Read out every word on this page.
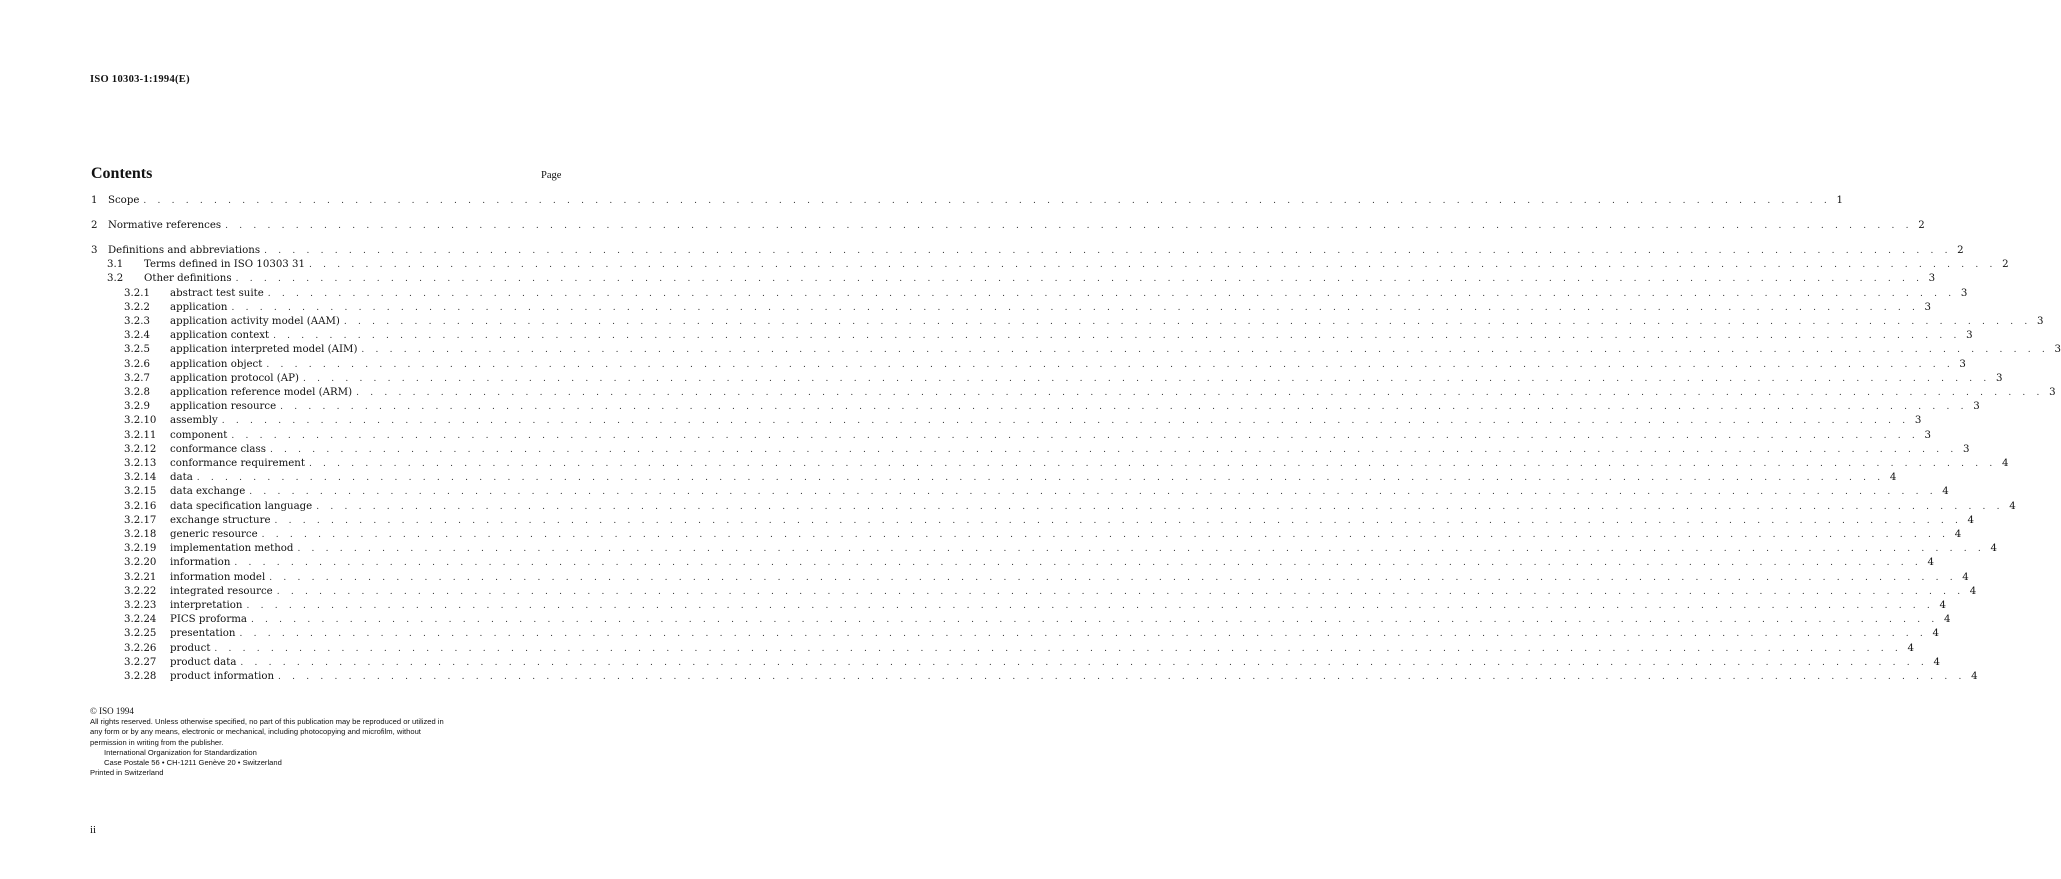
ISO 10303-1:1994(E)
Contents	Page
1	Scope . . . . . . . . . . . . . . . . . . . . . . . . . . . . . . . . . . . . . . . . . . . . . . . . . . . . . . . . . . . . . . . . . . . . . . . . . . . . . . . . . . . . . . . . . . . . . . . . . . . . . . . . . . . . . . . . . . . . . . . . 1
2	Normative references . . . . . . . . . . . . . . . . . . . . . . . . . . . . . . . . . . . . . . . . . . . . . . . . . . . . . . . . . . . . . . . . . . . . . . . . . . . . . . . . . . . . . . . . . . . . . . . . . . . . . . . . . . . . . . . . . . . . . . . . 2
3	Definitions and abbreviations . . . . . . . . . . . . . . . . . . . . . . . . . . . . . . . . . . . . . . . . . . . . . . . . . . . . . . . . . . . . . . . . . . . . . . . . . . . . . . . . . . . . . . . . . . . . . . . . . . . . . . . . . . . . . . . . . . . . . . . . 2
3.1	Terms defined in ISO 10303 31 . . . . . . . . . . . . . . . . . . . . . . . . . . . . . . . . . . . . . . . . . . . . . . . . . . . . . . . . . . . . . . . . . . . . . . . . . . . . . . . . . . . . . . . . . . . . . . . . . . . . . . . . . . . . . . . . . . . . . . . . 2
3.2	Other definitions . . . . . . . . . . . . . . . . . . . . . . . . . . . . . . . . . . . . . . . . . . . . . . . . . . . . . . . . . . . . . . . . . . . . . . . . . . . . . . . . . . . . . . . . . . . . . . . . . . . . . . . . . . . . . . . . . . . . . . . . 3
3.2.1	abstract test suite . . . . . . . . . . . . . . . . . . . . . . . . . . . . . . . . . . . . . . . . . . . . . . . . . . . . . . . . . . . . . . . . . . . . . . . . . . . . . . . . . . . . . . . . . . . . . . . . . . . . . . . . . . . . . . . . . . . . . . . . 3
3.2.2	application . . . . . . . . . . . . . . . . . . . . . . . . . . . . . . . . . . . . . . . . . . . . . . . . . . . . . . . . . . . . . . . . . . . . . . . . . . . . . . . . . . . . . . . . . . . . . . . . . . . . . . . . . . . . . . . . . . . . . . . . 3
3.2.3	application activity model (AAM) . . . . . . . . . . . . . . . . . . . . . . . . . . . . . . . . . . . . . . . . . . . . . . . . . . . . . . . . . . . . . . . . . . . . . . . . . . . . . . . . . . . . . . . . . . . . . . . . . . . . . . . . . . . . . . . . . . . . . . . . 3
3.2.4	application context . . . . . . . . . . . . . . . . . . . . . . . . . . . . . . . . . . . . . . . . . . . . . . . . . . . . . . . . . . . . . . . . . . . . . . . . . . . . . . . . . . . . . . . . . . . . . . . . . . . . . . . . . . . . . . . . . . . . . . . . 3
3.2.5	application interpreted model (AIM) . . . . . . . . . . . . . . . . . . . . . . . . . . . . . . . . . . . . . . . . . . . . . . . . . . . . . . . . . . . . . . . . . . . . . . . . . . . . . . . . . . . . . . . . . . . . . . . . . . . . . . . . . . . . . . . . . . . . . . . . 3
3.2.6	application object . . . . . . . . . . . . . . . . . . . . . . . . . . . . . . . . . . . . . . . . . . . . . . . . . . . . . . . . . . . . . . . . . . . . . . . . . . . . . . . . . . . . . . . . . . . . . . . . . . . . . . . . . . . . . . . . . . . . . . . . 3
3.2.7	application protocol (AP) . . . . . . . . . . . . . . . . . . . . . . . . . . . . . . . . . . . . . . . . . . . . . . . . . . . . . . . . . . . . . . . . . . . . . . . . . . . . . . . . . . . . . . . . . . . . . . . . . . . . . . . . . . . . . . . . . . . . . . . . 3
3.2.8	application reference model (ARM) . . . . . . . . . . . . . . . . . . . . . . . . . . . . . . . . . . . . . . . . . . . . . . . . . . . . . . . . . . . . . . . . . . . . . . . . . . . . . . . . . . . . . . . . . . . . . . . . . . . . . . . . . . . . . . . . . . . . . . . . 3
3.2.9	application resource . . . . . . . . . . . . . . . . . . . . . . . . . . . . . . . . . . . . . . . . . . . . . . . . . . . . . . . . . . . . . . . . . . . . . . . . . . . . . . . . . . . . . . . . . . . . . . . . . . . . . . . . . . . . . . . . . . . . . . . . 3
3.2.10	assembly . . . . . . . . . . . . . . . . . . . . . . . . . . . . . . . . . . . . . . . . . . . . . . . . . . . . . . . . . . . . . . . . . . . . . . . . . . . . . . . . . . . . . . . . . . . . . . . . . . . . . . . . . . . . . . . . . . . . . . . . 3
3.2.11	component . . . . . . . . . . . . . . . . . . . . . . . . . . . . . . . . . . . . . . . . . . . . . . . . . . . . . . . . . . . . . . . . . . . . . . . . . . . . . . . . . . . . . . . . . . . . . . . . . . . . . . . . . . . . . . . . . . . . . . . . 3
3.2.12	conformance class . . . . . . . . . . . . . . . . . . . . . . . . . . . . . . . . . . . . . . . . . . . . . . . . . . . . . . . . . . . . . . . . . . . . . . . . . . . . . . . . . . . . . . . . . . . . . . . . . . . . . . . . . . . . . . . . . . . . . . . . 3
3.2.13	conformance requirement . . . . . . . . . . . . . . . . . . . . . . . . . . . . . . . . . . . . . . . . . . . . . . . . . . . . . . . . . . . . . . . . . . . . . . . . . . . . . . . . . . . . . . . . . . . . . . . . . . . . . . . . . . . . . . . . . . . . . . . . 4
3.2.14	data . . . . . . . . . . . . . . . . . . . . . . . . . . . . . . . . . . . . . . . . . . . . . . . . . . . . . . . . . . . . . . . . . . . . . . . . . . . . . . . . . . . . . . . . . . . . . . . . . . . . . . . . . . . . . . . . . . . . . . . . 4
3.2.15	data exchange . . . . . . . . . . . . . . . . . . . . . . . . . . . . . . . . . . . . . . . . . . . . . . . . . . . . . . . . . . . . . . . . . . . . . . . . . . . . . . . . . . . . . . . . . . . . . . . . . . . . . . . . . . . . . . . . . . . . . . . . 4
3.2.16	data specification language . . . . . . . . . . . . . . . . . . . . . . . . . . . . . . . . . . . . . . . . . . . . . . . . . . . . . . . . . . . . . . . . . . . . . . . . . . . . . . . . . . . . . . . . . . . . . . . . . . . . . . . . . . . . . . . . . . . . . . . . 4
3.2.17	exchange structure . . . . . . . . . . . . . . . . . . . . . . . . . . . . . . . . . . . . . . . . . . . . . . . . . . . . . . . . . . . . . . . . . . . . . . . . . . . . . . . . . . . . . . . . . . . . . . . . . . . . . . . . . . . . . . . . . . . . . . . . 4
3.2.18	generic resource . . . . . . . . . . . . . . . . . . . . . . . . . . . . . . . . . . . . . . . . . . . . . . . . . . . . . . . . . . . . . . . . . . . . . . . . . . . . . . . . . . . . . . . . . . . . . . . . . . . . . . . . . . . . . . . . . . . . . . . . 4
3.2.19	implementation method . . . . . . . . . . . . . . . . . . . . . . . . . . . . . . . . . . . . . . . . . . . . . . . . . . . . . . . . . . . . . . . . . . . . . . . . . . . . . . . . . . . . . . . . . . . . . . . . . . . . . . . . . . . . . . . . . . . . . . . . 4
3.2.20	information . . . . . . . . . . . . . . . . . . . . . . . . . . . . . . . . . . . . . . . . . . . . . . . . . . . . . . . . . . . . . . . . . . . . . . . . . . . . . . . . . . . . . . . . . . . . . . . . . . . . . . . . . . . . . . . . . . . . . . . . 4
3.2.21	information model . . . . . . . . . . . . . . . . . . . . . . . . . . . . . . . . . . . . . . . . . . . . . . . . . . . . . . . . . . . . . . . . . . . . . . . . . . . . . . . . . . . . . . . . . . . . . . . . . . . . . . . . . . . . . . . . . . . . . . . . 4
3.2.22	integrated resource . . . . . . . . . . . . . . . . . . . . . . . . . . . . . . . . . . . . . . . . . . . . . . . . . . . . . . . . . . . . . . . . . . . . . . . . . . . . . . . . . . . . . . . . . . . . . . . . . . . . . . . . . . . . . . . . . . . . . . . . 4
3.2.23	interpretation . . . . . . . . . . . . . . . . . . . . . . . . . . . . . . . . . . . . . . . . . . . . . . . . . . . . . . . . . . . . . . . . . . . . . . . . . . . . . . . . . . . . . . . . . . . . . . . . . . . . . . . . . . . . . . . . . . . . . . . . 4
3.2.24	PICS proforma . . . . . . . . . . . . . . . . . . . . . . . . . . . . . . . . . . . . . . . . . . . . . . . . . . . . . . . . . . . . . . . . . . . . . . . . . . . . . . . . . . . . . . . . . . . . . . . . . . . . . . . . . . . . . . . . . . . . . . . . 4
3.2.25	presentation . . . . . . . . . . . . . . . . . . . . . . . . . . . . . . . . . . . . . . . . . . . . . . . . . . . . . . . . . . . . . . . . . . . . . . . . . . . . . . . . . . . . . . . . . . . . . . . . . . . . . . . . . . . . . . . . . . . . . . . . 4
3.2.26	product . . . . . . . . . . . . . . . . . . . . . . . . . . . . . . . . . . . . . . . . . . . . . . . . . . . . . . . . . . . . . . . . . . . . . . . . . . . . . . . . . . . . . . . . . . . . . . . . . . . . . . . . . . . . . . . . . . . . . . . . 4
3.2.27	product data . . . . . . . . . . . . . . . . . . . . . . . . . . . . . . . . . . . . . . . . . . . . . . . . . . . . . . . . . . . . . . . . . . . . . . . . . . . . . . . . . . . . . . . . . . . . . . . . . . . . . . . . . . . . . . . . . . . . . . . . 4
3.2.28	product information . . . . . . . . . . . . . . . . . . . . . . . . . . . . . . . . . . . . . . . . . . . . . . . . . . . . . . . . . . . . . . . . . . . . . . . . . . . . . . . . . . . . . . . . . . . . . . . . . . . . . . . . . . . . . . . . . . . . . . . . 4
© ISO 1994
All rights reserved. Unless otherwise specified, no part of this publication may be reproduced or utilized in any form or by any means, electronic or mechanical, including photocopying and microfilm, without permission in writing from the publisher.
International Organization for Standardization
Case Postale 56 • CH-1211 Genève 20 • Switzerland
Printed in Switzerland
ii
